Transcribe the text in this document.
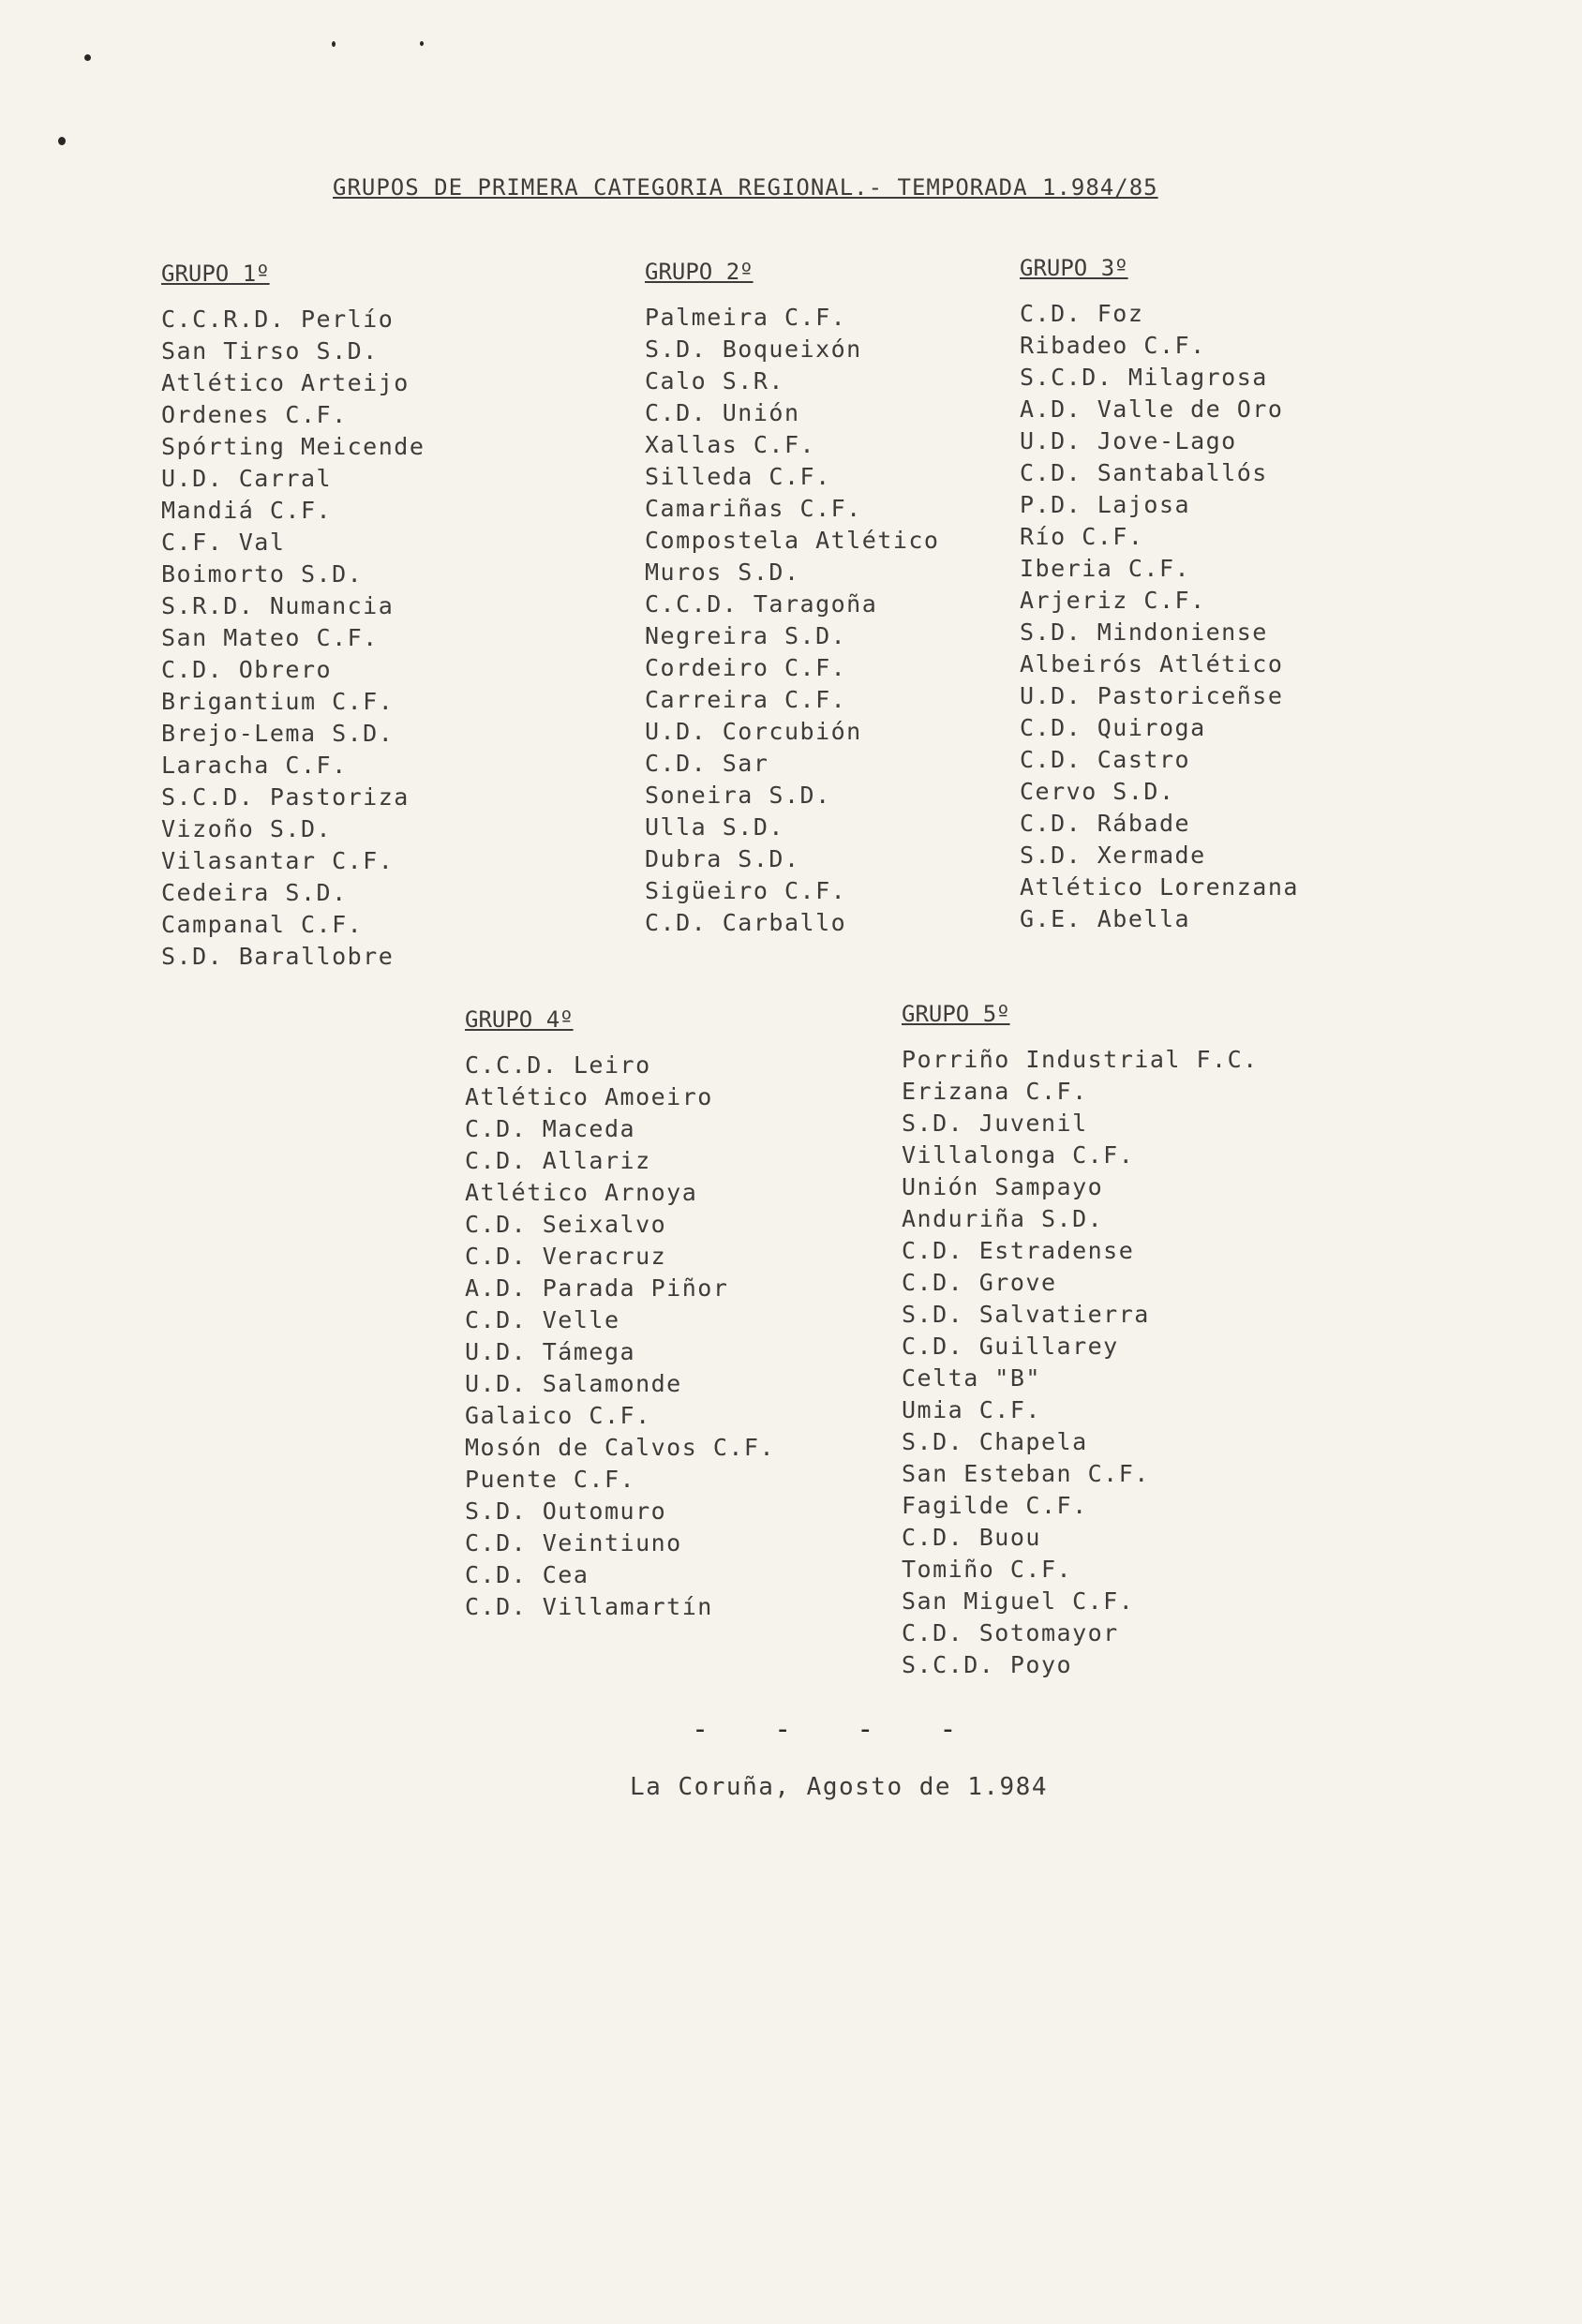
GRUPOS DE PRIMERA CATEGORIA REGIONAL.- TEMPORADA 1.984/85
GRUPO 1º
C.C.R.D. Perlío
San Tirso S.D.
Atlético Arteijo
Ordenes C.F.
Spórting Meicende
U.D. Carral
Mandiá C.F.
C.F. Val
Boimorto S.D.
S.R.D. Numancia
San Mateo C.F.
C.D. Obrero
Brigantium C.F.
Brejo-Lema S.D.
Laracha C.F.
S.C.D. Pastoriza
Vizoño S.D.
Vilasantar C.F.
Cedeira S.D.
Campanal C.F.
S.D. Barallobre
GRUPO 2º
Palmeira C.F.
S.D. Boqueixón
Calo S.R.
C.D. Unión
Xallas C.F.
Silleda C.F.
Camariñas C.F.
Compostela Atlético
Muros S.D.
C.C.D. Taragoña
Negreira S.D.
Cordeiro C.F.
Carreira C.F.
U.D. Corcubión
C.D. Sar
Soneira S.D.
Ulla S.D.
Dubra S.D.
Sigüeiro C.F.
C.D. Carballo
GRUPO 3º
C.D. Foz
Ribadeo C.F.
S.C.D. Milagrosa
A.D. Valle de Oro
U.D. Jove-Lago
C.D. Santaballós
P.D. Lajosa
Río C.F.
Iberia C.F.
Arjeriz C.F.
S.D. Mindoniense
Albeirós Atlético
U.D. Pastoriceñse
C.D. Quiroga
C.D. Castro
Cervo S.D.
C.D. Rábade
S.D. Xermade
Atlético Lorenzana
G.E. Abella
GRUPO 4º
C.C.D. Leiro
Atlético Amoeiro
C.D. Maceda
C.D. Allariz
Atlético Arnoya
C.D. Seixalvo
C.D. Veracruz
A.D. Parada Piñor
C.D. Velle
U.D. Támega
U.D. Salamonde
Galaico C.F.
Mosón de Calvos C.F.
Puente C.F.
S.D. Outomuro
C.D. Veintiuno
C.D. Cea
C.D. Villamartín
GRUPO 5º
Porriño Industrial F.C.
Erizana C.F.
S.D. Juvenil
Villalonga C.F.
Unión Sampayo
Anduriña S.D.
C.D. Estradense
C.D. Grove
S.D. Salvatierra
C.D. Guillarey
Celta "B"
Umia C.F.
S.D. Chapela
San Esteban C.F.
Fagilde C.F.
C.D. Buou
Tomiño C.F.
San Miguel C.F.
C.D. Sotomayor
S.C.D. Poyo
- - - -
La Coruña, Agosto de 1.984
